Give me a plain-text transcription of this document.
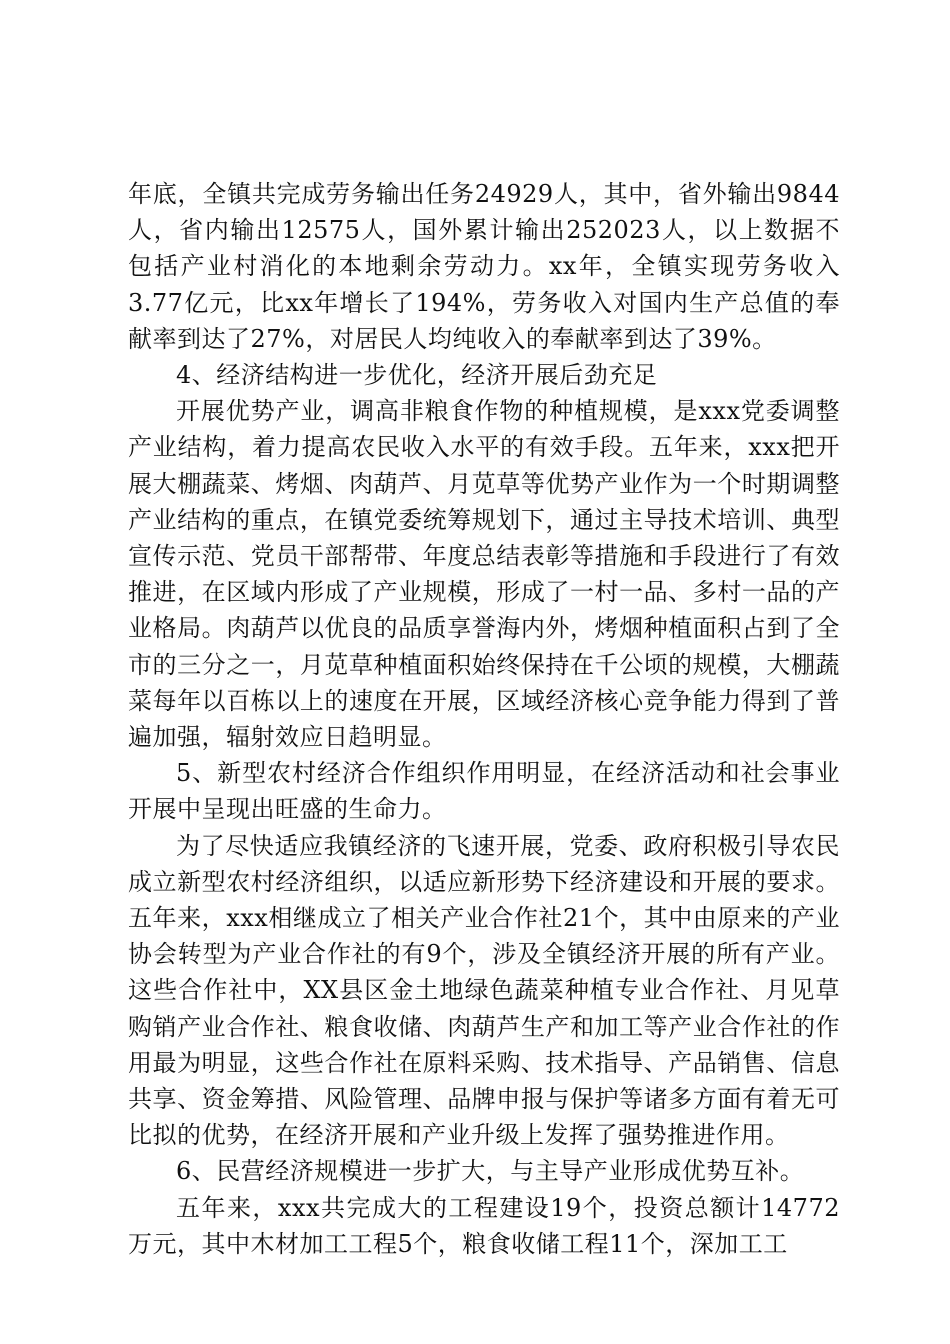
年底，全镇共完成劳务输出任务24929人，其中，省外输出9844人，省内输出12575人，国外累计输出252023人，以上数据不包括产业村消化的本地剩余劳动力。xx年，全镇实现劳务收入3.77亿元，比xx年增长了194%，劳务收入对国内生产总值的奉献率到达了27%，对居民人均纯收入的奉献率到达了39%。

4、经济结构进一步优化，经济开展后劲充足

开展优势产业，调高非粮食作物的种植规模，是xxx党委调整产业结构，着力提高农民收入水平的有效手段。五年来，xxx把开展大棚蔬菜、烤烟、肉葫芦、月苋草等优势产业作为一个时期调整产业结构的重点，在镇党委统筹规划下，通过主导技术培训、典型宣传示范、党员干部帮带、年度总结表彰等措施和手段进行了有效推进，在区域内形成了产业规模，形成了一村一品、多村一品的产业格局。肉葫芦以优良的品质享誉海内外，烤烟种植面积占到了全市的三分之一，月苋草种植面积始终保持在千公顷的规模，大棚蔬菜每年以百栋以上的速度在开展，区域经济核心竞争能力得到了普遍加强，辐射效应日趋明显。

5、新型农村经济合作组织作用明显，在经济活动和社会事业开展中呈现出旺盛的生命力。

为了尽快适应我镇经济的飞速开展，党委、政府积极引导农民成立新型农村经济组织，以适应新形势下经济建设和开展的要求。五年来，xxx相继成立了相关产业合作社21个，其中由原来的产业协会转型为产业合作社的有9个，涉及全镇经济开展的所有产业。这些合作社中，XX县区金土地绿色蔬菜种植专业合作社、月见草购销产业合作社、粮食收储、肉葫芦生产和加工等产业合作社的作用最为明显，这些合作社在原料采购、技术指导、产品销售、信息共享、资金筹措、风险管理、品牌申报与保护等诸多方面有着无可比拟的优势，在经济开展和产业升级上发挥了强势推进作用。

6、民营经济规模进一步扩大，与主导产业形成优势互补。

五年来，xxx共完成大的工程建设19个，投资总额计14772万元，其中木材加工工程5个，粮食收储工程11个，深加工工
